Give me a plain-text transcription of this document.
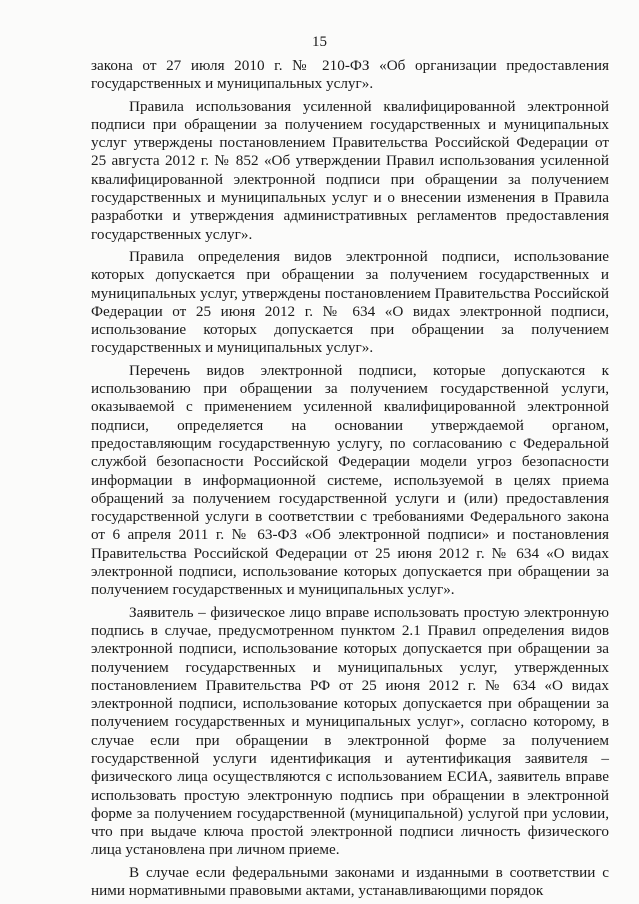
15

закона от 27 июля 2010 г. № 210-ФЗ «Об организации предоставления государственных и муниципальных услуг».

Правила использования усиленной квалифицированной электронной подписи при обращении за получением государственных и муниципальных услуг утверждены постановлением Правительства Российской Федерации от 25 августа 2012 г. № 852 «Об утверждении Правил использования усиленной квалифицированной электронной подписи при обращении за получением государственных и муниципальных услуг и о внесении изменения в Правила разработки и утверждения административных регламентов предоставления государственных услуг».

Правила определения видов электронной подписи, использование которых допускается при обращении за получением государственных и муниципальных услуг, утверждены постановлением Правительства Российской Федерации от 25 июня 2012 г. № 634 «О видах электронной подписи, использование которых допускается при обращении за получением государственных и муниципальных услуг».

Перечень видов электронной подписи, которые допускаются к использованию при обращении за получением государственной услуги, оказываемой с применением усиленной квалифицированной электронной подписи, определяется на основании утверждаемой органом, предоставляющим государственную услугу, по согласованию с Федеральной службой безопасности Российской Федерации модели угроз безопасности информации в информационной системе, используемой в целях приема обращений за получением государственной услуги и (или) предоставления государственной услуги в соответствии с требованиями Федерального закона от 6 апреля 2011 г. № 63-ФЗ «Об электронной подписи» и постановления Правительства Российской Федерации от 25 июня 2012 г. № 634 «О видах электронной подписи, использование которых допускается при обращении за получением государственных и муниципальных услуг».

Заявитель – физическое лицо вправе использовать простую электронную подпись в случае, предусмотренном пунктом 2.1 Правил определения видов электронной подписи, использование которых допускается при обращении за получением государственных и муниципальных услуг, утвержденных постановлением Правительства РФ от 25 июня 2012 г. № 634 «О видах электронной подписи, использование которых допускается при обращении за получением государственных и муниципальных услуг», согласно которому, в случае если при обращении в электронной форме за получением государственной услуги идентификация и аутентификация заявителя – физического лица осуществляются с использованием ЕСИА, заявитель вправе использовать простую электронную подпись при обращении в электронной форме за получением государственной (муниципальной) услугой при условии, что при выдаче ключа простой электронной подписи личность физического лица установлена при личном приеме.

В случае если федеральными законами и изданными в соответствии с ними нормативными правовыми актами, устанавливающими порядок
